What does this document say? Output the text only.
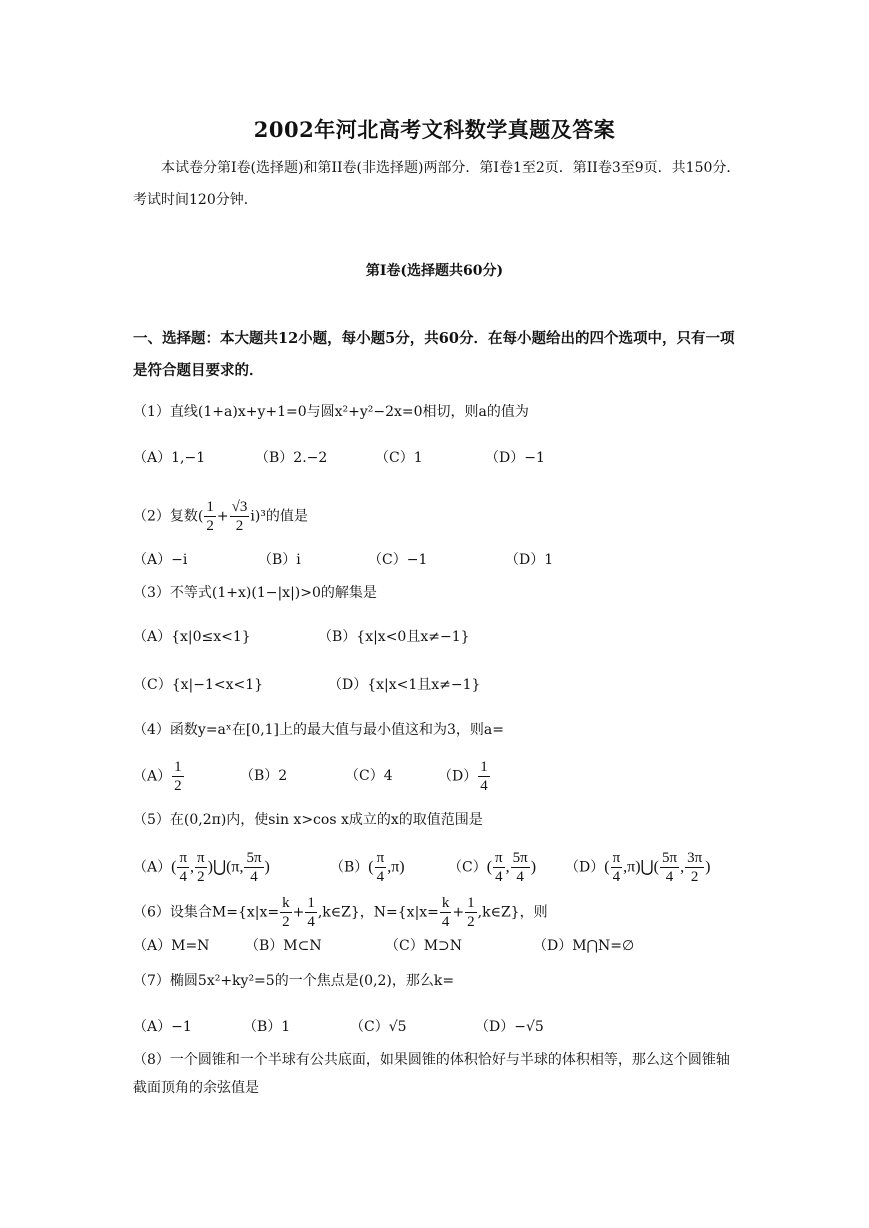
2002年河北高考文科数学真题及答案
本试卷分第Ⅰ卷(选择题)和第II卷(非选择题)两部分．第Ⅰ卷1至2页．第II卷3至9页．共150分．考试时间120分钟．
第Ⅰ卷(选择题共60分)
一、选择题：本大题共12小题，每小题5分，共60分．在每小题给出的四个选项中，只有一项是符合题目要求的．
（1）直线(1+a)x+y+1=0与圆x²+y²−2x=0相切，则a的值为
（A）1,−1	（B）2.−2	（C）1	（D）−1
（2）复数( $\frac{1}{2} + \frac{√3}{2} i)^3$的值是
（A）−i	（B）i	（C）−1	（D）1
（3）不等式(1+x)(1−|x|)>0的解集是
（A）{x|0≤x<1}	（B）{x|x<0且x≠−1}
（C）{x|−1<x<1}	（D）{x|x<1且x≠−1}
（4）函数y=aˣ在[0,1]上的最大值与最小值这和为3，则a=
$(A) \frac{1}{2}$	（B）2	（C）4	$(D) \frac{1}{4}$
（5）在(0,2π)内，使sin x>cos x成立的x的取值范围是
$(A)( \frac{\pi}{4}$ , $\frac{\pi}{2}$ )⋃(π, $\frac{5\pi}{4}$ )	$(B)( \frac{\pi}{4} ,\pi)$	$(C)( \frac{\pi}{4}$ , $\frac{5\pi}{4}$ ) $(D)( \frac{\pi}{4}$ ,π)⋃( $\frac{5\pi}{4}$ , $\frac{3\pi}{2}$ )
（6）设集合$M=\{x|x= \frac{k}{2} + \frac{1}{4}$ ,k∈Z}，$N=\{x|x= \frac{k}{4} + \frac{1}{2}$ ,k∈Z}，则
（A）M=N	（B）M⊂N	（C）M⊃N	（D）M⋂N=∅
（7）椭圆5x²+ky²=5的一个焦点是(0,2)，那么k=
（A）−1	（B）1	（C）√5	（D）−√5
（8）一个圆锥和一个半球有公共底面，如果圆锥的体积恰好与半球的体积相等，那么这个圆锥轴截面顶角的余弦值是
